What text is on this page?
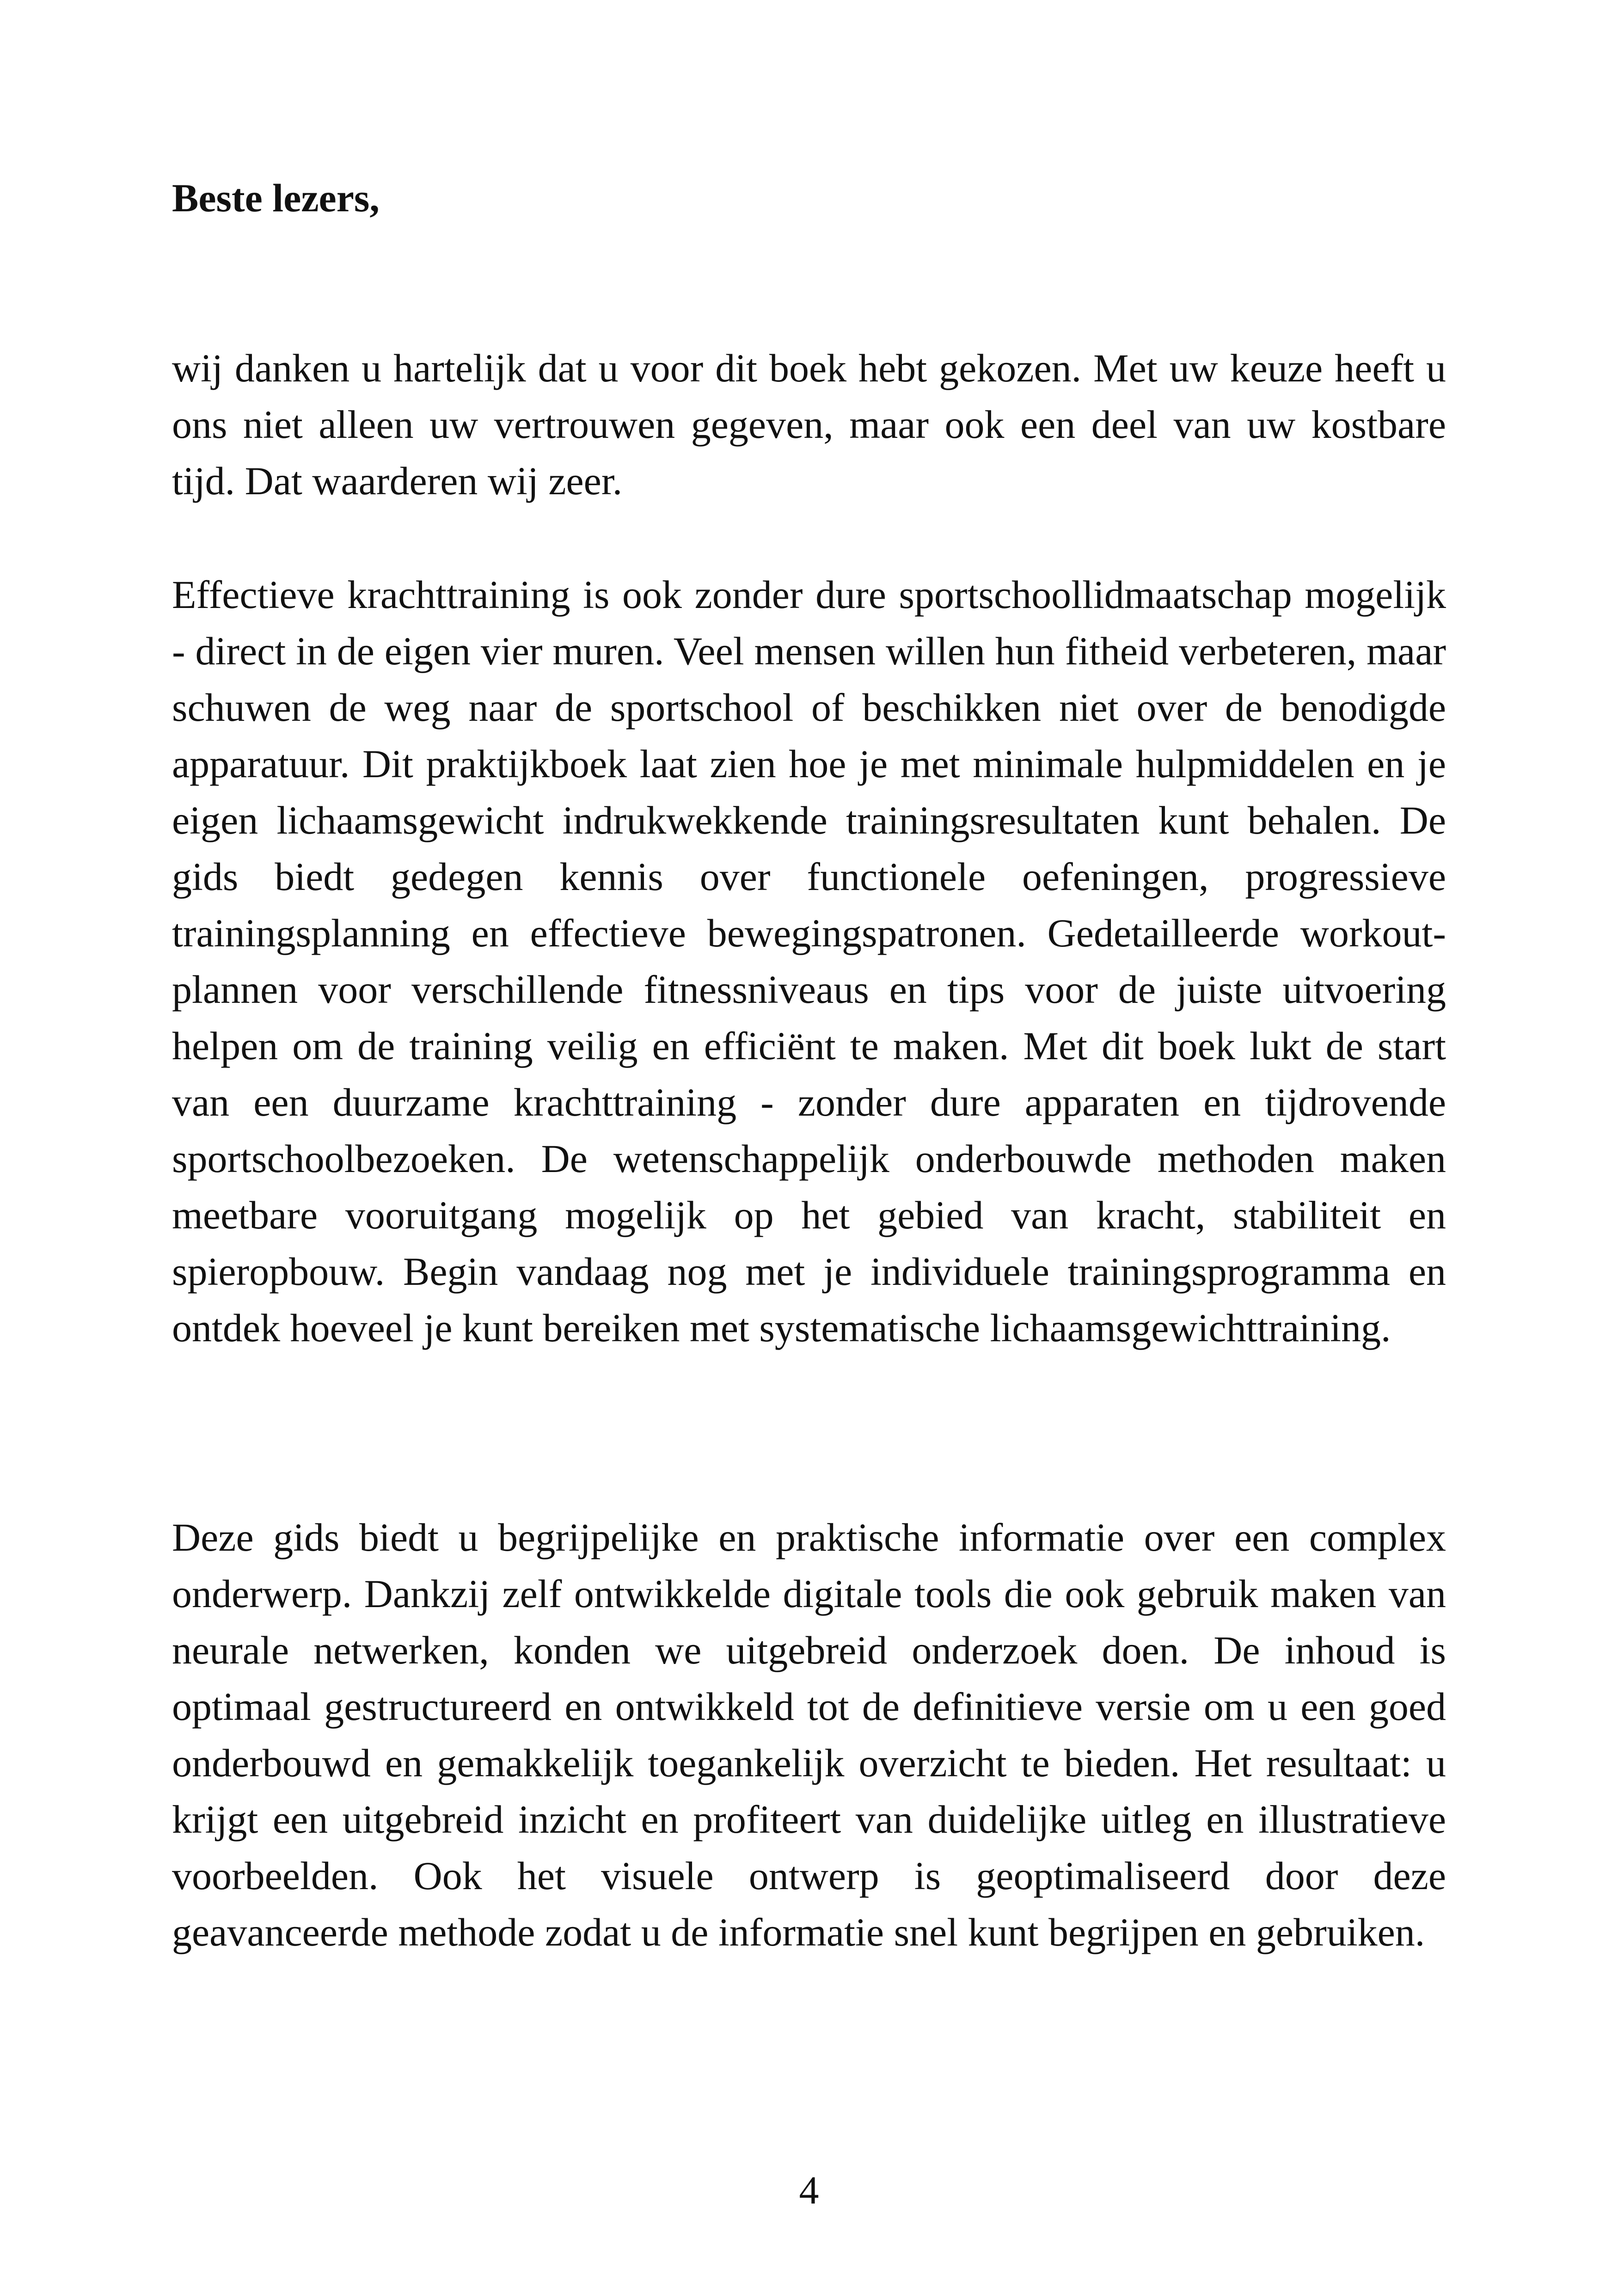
Beste lezers,

wij danken u hartelijk dat u voor dit boek hebt gekozen. Met uw keuze heeft u ons niet alleen uw vertrouwen gegeven, maar ook een deel van uw kostbare tijd. Dat waarderen wij zeer.

Effectieve krachttraining is ook zonder dure sportschoollidmaatschap mogelijk - direct in de eigen vier muren. Veel mensen willen hun fitheid verbeteren, maar schuwen de weg naar de sportschool of beschikken niet over de benodigde apparatuur. Dit praktijkboek laat zien hoe je met minimale hulpmiddelen en je eigen lichaamsgewicht indrukwekkende trainingsresultaten kunt behalen. De gids biedt gedegen kennis over functionele oefeningen, progressieve trainingsplanning en effectieve bewegingspatronen. Gedetailleerde workout-plannen voor verschillende fitnessniveaus en tips voor de juiste uitvoering helpen om de training veilig en efficiënt te maken. Met dit boek lukt de start van een duurzame krachttraining - zonder dure apparaten en tijdrovende sportschoolbezoeken. De wetenschappelijk onderbouwde methoden maken meetbare vooruitgang mogelijk op het gebied van kracht, stabiliteit en spieropbouw. Begin vandaag nog met je individuele trainingsprogramma en ontdek hoeveel je kunt bereiken met systematische lichaamsgewichttraining.

Deze gids biedt u begrijpelijke en praktische informatie over een complex onderwerp. Dankzij zelf ontwikkelde digitale tools die ook gebruik maken van neurale netwerken, konden we uitgebreid onderzoek doen. De inhoud is optimaal gestructureerd en ontwikkeld tot de definitieve versie om u een goed onderbouwd en gemakkelijk toegankelijk overzicht te bieden. Het resultaat: u krijgt een uitgebreid inzicht en profiteert van duidelijke uitleg en illustratieve voorbeelden. Ook het visuele ontwerp is geoptimaliseerd door deze geavanceerde methode zodat u de informatie snel kunt begrijpen en gebruiken.

4
